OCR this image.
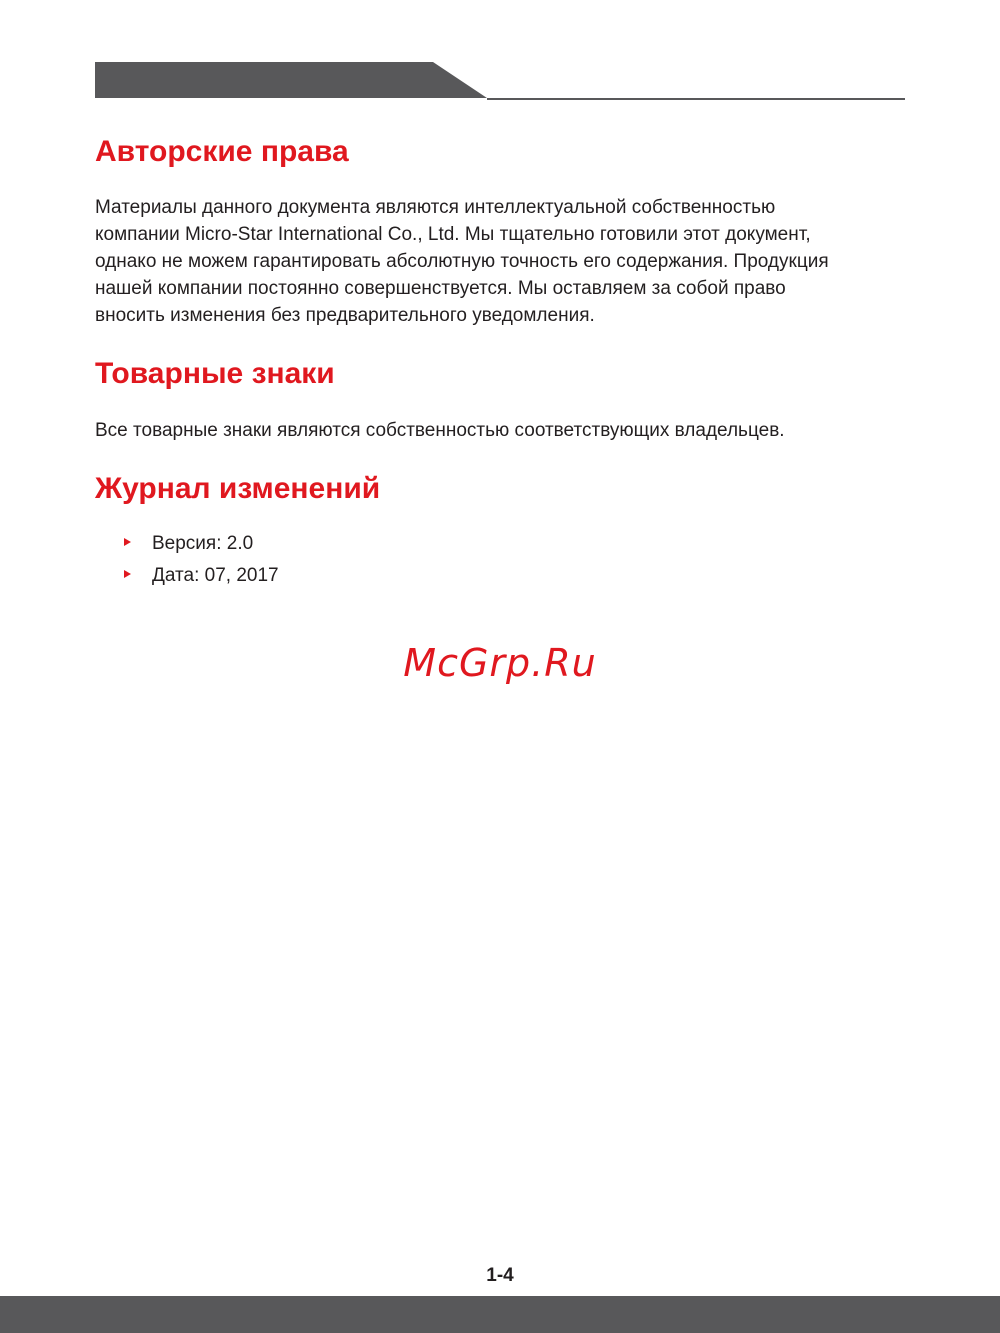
Авторские права
Материалы данного документа являются интеллектуальной собственностью
компании Micro-Star International Co., Ltd. Мы тщательно готовили этот документ,
однако не можем гарантировать абсолютную точность его содержания. Продукция
нашей компании постоянно совершенствуется. Мы оставляем за собой право
вносить изменения без предварительного уведомления.
Товарные знаки
Все товарные знаки являются собственностью соответствующих владельцев.
Журнал изменений
Версия: 2.0
Дата: 07, 2017
McGrp.Ru
1-4
